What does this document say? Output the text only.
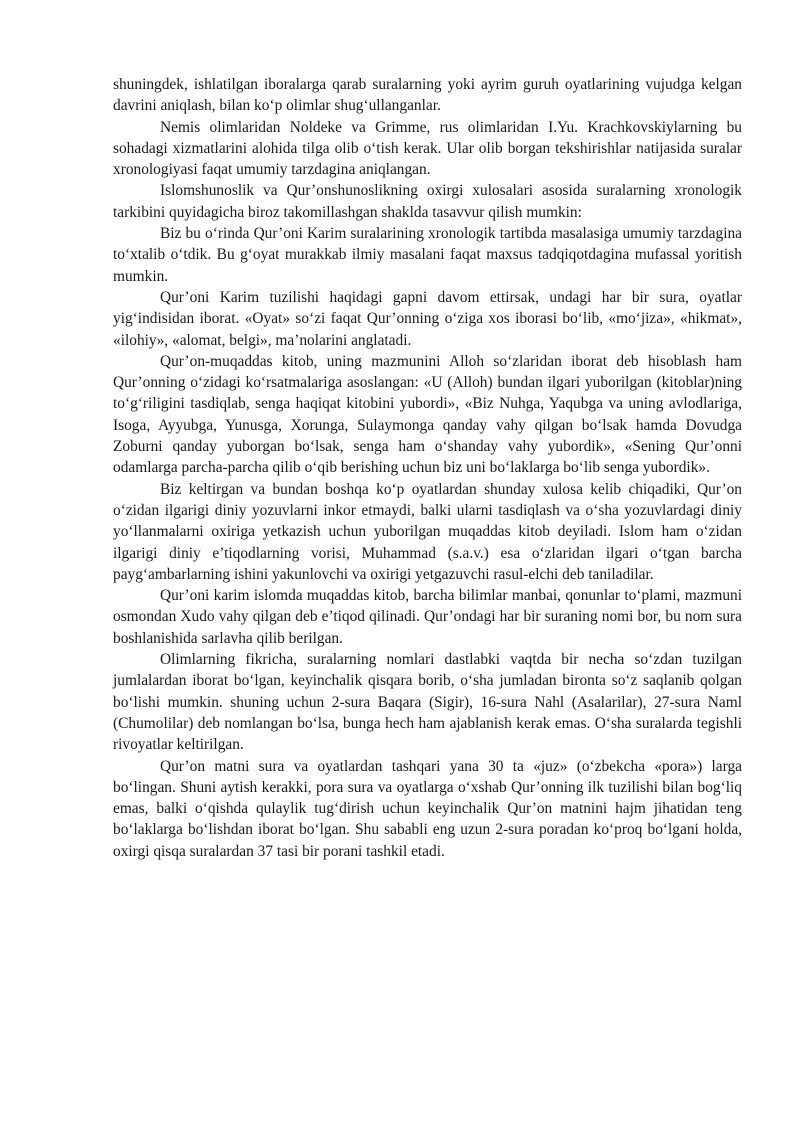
shuningdek, ishlatilgan iboralarga qarab suralarning yoki ayrim guruh oyatlarining vujudga kelgan davrini aniqlash, bilan ko‘p olimlar shug‘ullanganlar.

Nemis olimlaridan Noldeke va Grimme, rus olimlaridan I.Yu. Krachkovskiylarning bu sohadagi xizmatlarini alohida tilga olib o‘tish kerak. Ular olib borgan tekshirishlar natijasida suralar xronologiyasi faqat umumiy tarzdagina aniqlangan.

Islomshunoslik va Qur’onshunoslikning oxirgi xulosalari asosida suralarning xronologik tarkibini quyidagicha biroz takomillashgan shaklda tasavvur qilish mumkin:

Biz bu o‘rinda Qur’oni Karim suralarining xronologik tartibda masalasiga umumiy tarzdagina to‘xtalib o‘tdik. Bu g‘oyat murakkab ilmiy masalani faqat maxsus tadqiqotdagina mufassal yoritish mumkin.

Qur’oni Karim tuzilishi haqidagi gapni davom ettirsak, undagi har bir sura, oyatlar yig‘indisidan iborat. «Oyat» so‘zi faqat Qur’onning o‘ziga xos iborasi bo‘lib, «mo‘jiza», «hikmat», «ilohiy», «alomat, belgi», ma’nolarini anglatadi.

Qur’on-muqaddas kitob, uning mazmunini Alloh so‘zlaridan iborat deb hisoblash ham Qur’onning o‘zidagi ko‘rsatmalariga asoslangan: «U (Alloh) bundan ilgari yuborilgan (kitoblar)ning to‘g‘riligini tasdiqlab, senga haqiqat kitobini yubordi», «Biz Nuhga, Yaqubga va uning avlodlariga, Isoga, Ayyubga, Yunusga, Xorunga, Sulaymonga qanday vahy qilgan bo‘lsak hamda Dovudga Zoburni qanday yuborgan bo‘lsak, senga ham o‘shanday vahy yubordik», «Sening Qur’onni odamlarga parcha-parcha qilib o‘qib berishing uchun biz uni bo‘laklarga bo‘lib senga yubordik».

Biz keltirgan va bundan boshqa ko‘p oyatlardan shunday xulosa kelib chiqadiki, Qur’on o‘zidan ilgarigi diniy yozuvlarni inkor etmaydi, balki ularni tasdiqlash va o‘sha yozuvlardagi diniy yo‘llanmalarni oxiriga yetkazish uchun yuborilgan muqaddas kitob deyiladi. Islom ham o‘zidan ilgarigi diniy e’tiqodlarning vorisi, Muhammad (s.a.v.) esa o‘zlaridan ilgari o‘tgan barcha payg‘ambarlarning ishini yakunlovchi va oxirigi yetgazuvchi rasul-elchi deb taniladilar.

Qur’oni karim islomda muqaddas kitob, barcha bilimlar manbai, qonunlar to‘plami, mazmuni osmondan Xudo vahy qilgan deb e’tiqod qilinadi. Qur’ondagi har bir suraning nomi bor, bu nom sura boshlanishida sarlavha qilib berilgan.

Olimlarning fikricha, suralarning nomlari dastlabki vaqtda bir necha so‘zdan tuzilgan jumlalardan iborat bo‘lgan, keyinchalik qisqara borib, o‘sha jumladan bironta so‘z saqlanib qolgan bo‘lishi mumkin. shuning uchun 2-sura Baqara (Sigir), 16-sura Nahl (Asalarilar), 27-sura Naml (Chumolilar) deb nomlangan bo‘lsa, bunga hech ham ajablanish kerak emas. O‘sha suralarda tegishli rivoyatlar keltirilgan.

Qur’on matni sura va oyatlardan tashqari yana 30 ta «juz» (o‘zbekcha «pora») larga bo‘lingan. Shuni aytish kerakki, pora sura va oyatlarga o‘xshab Qur’onning ilk tuzilishi bilan bog‘liq emas, balki o‘qishda qulaylik tug‘dirish uchun keyinchalik Qur’on matnini hajm jihatidan teng bo‘laklarga bo‘lishdan iborat bo‘lgan. Shu sababli eng uzun 2-sura poradan ko‘proq bo‘lgani holda, oxirgi qisqa suralardan 37 tasi bir porani tashkil etadi.
